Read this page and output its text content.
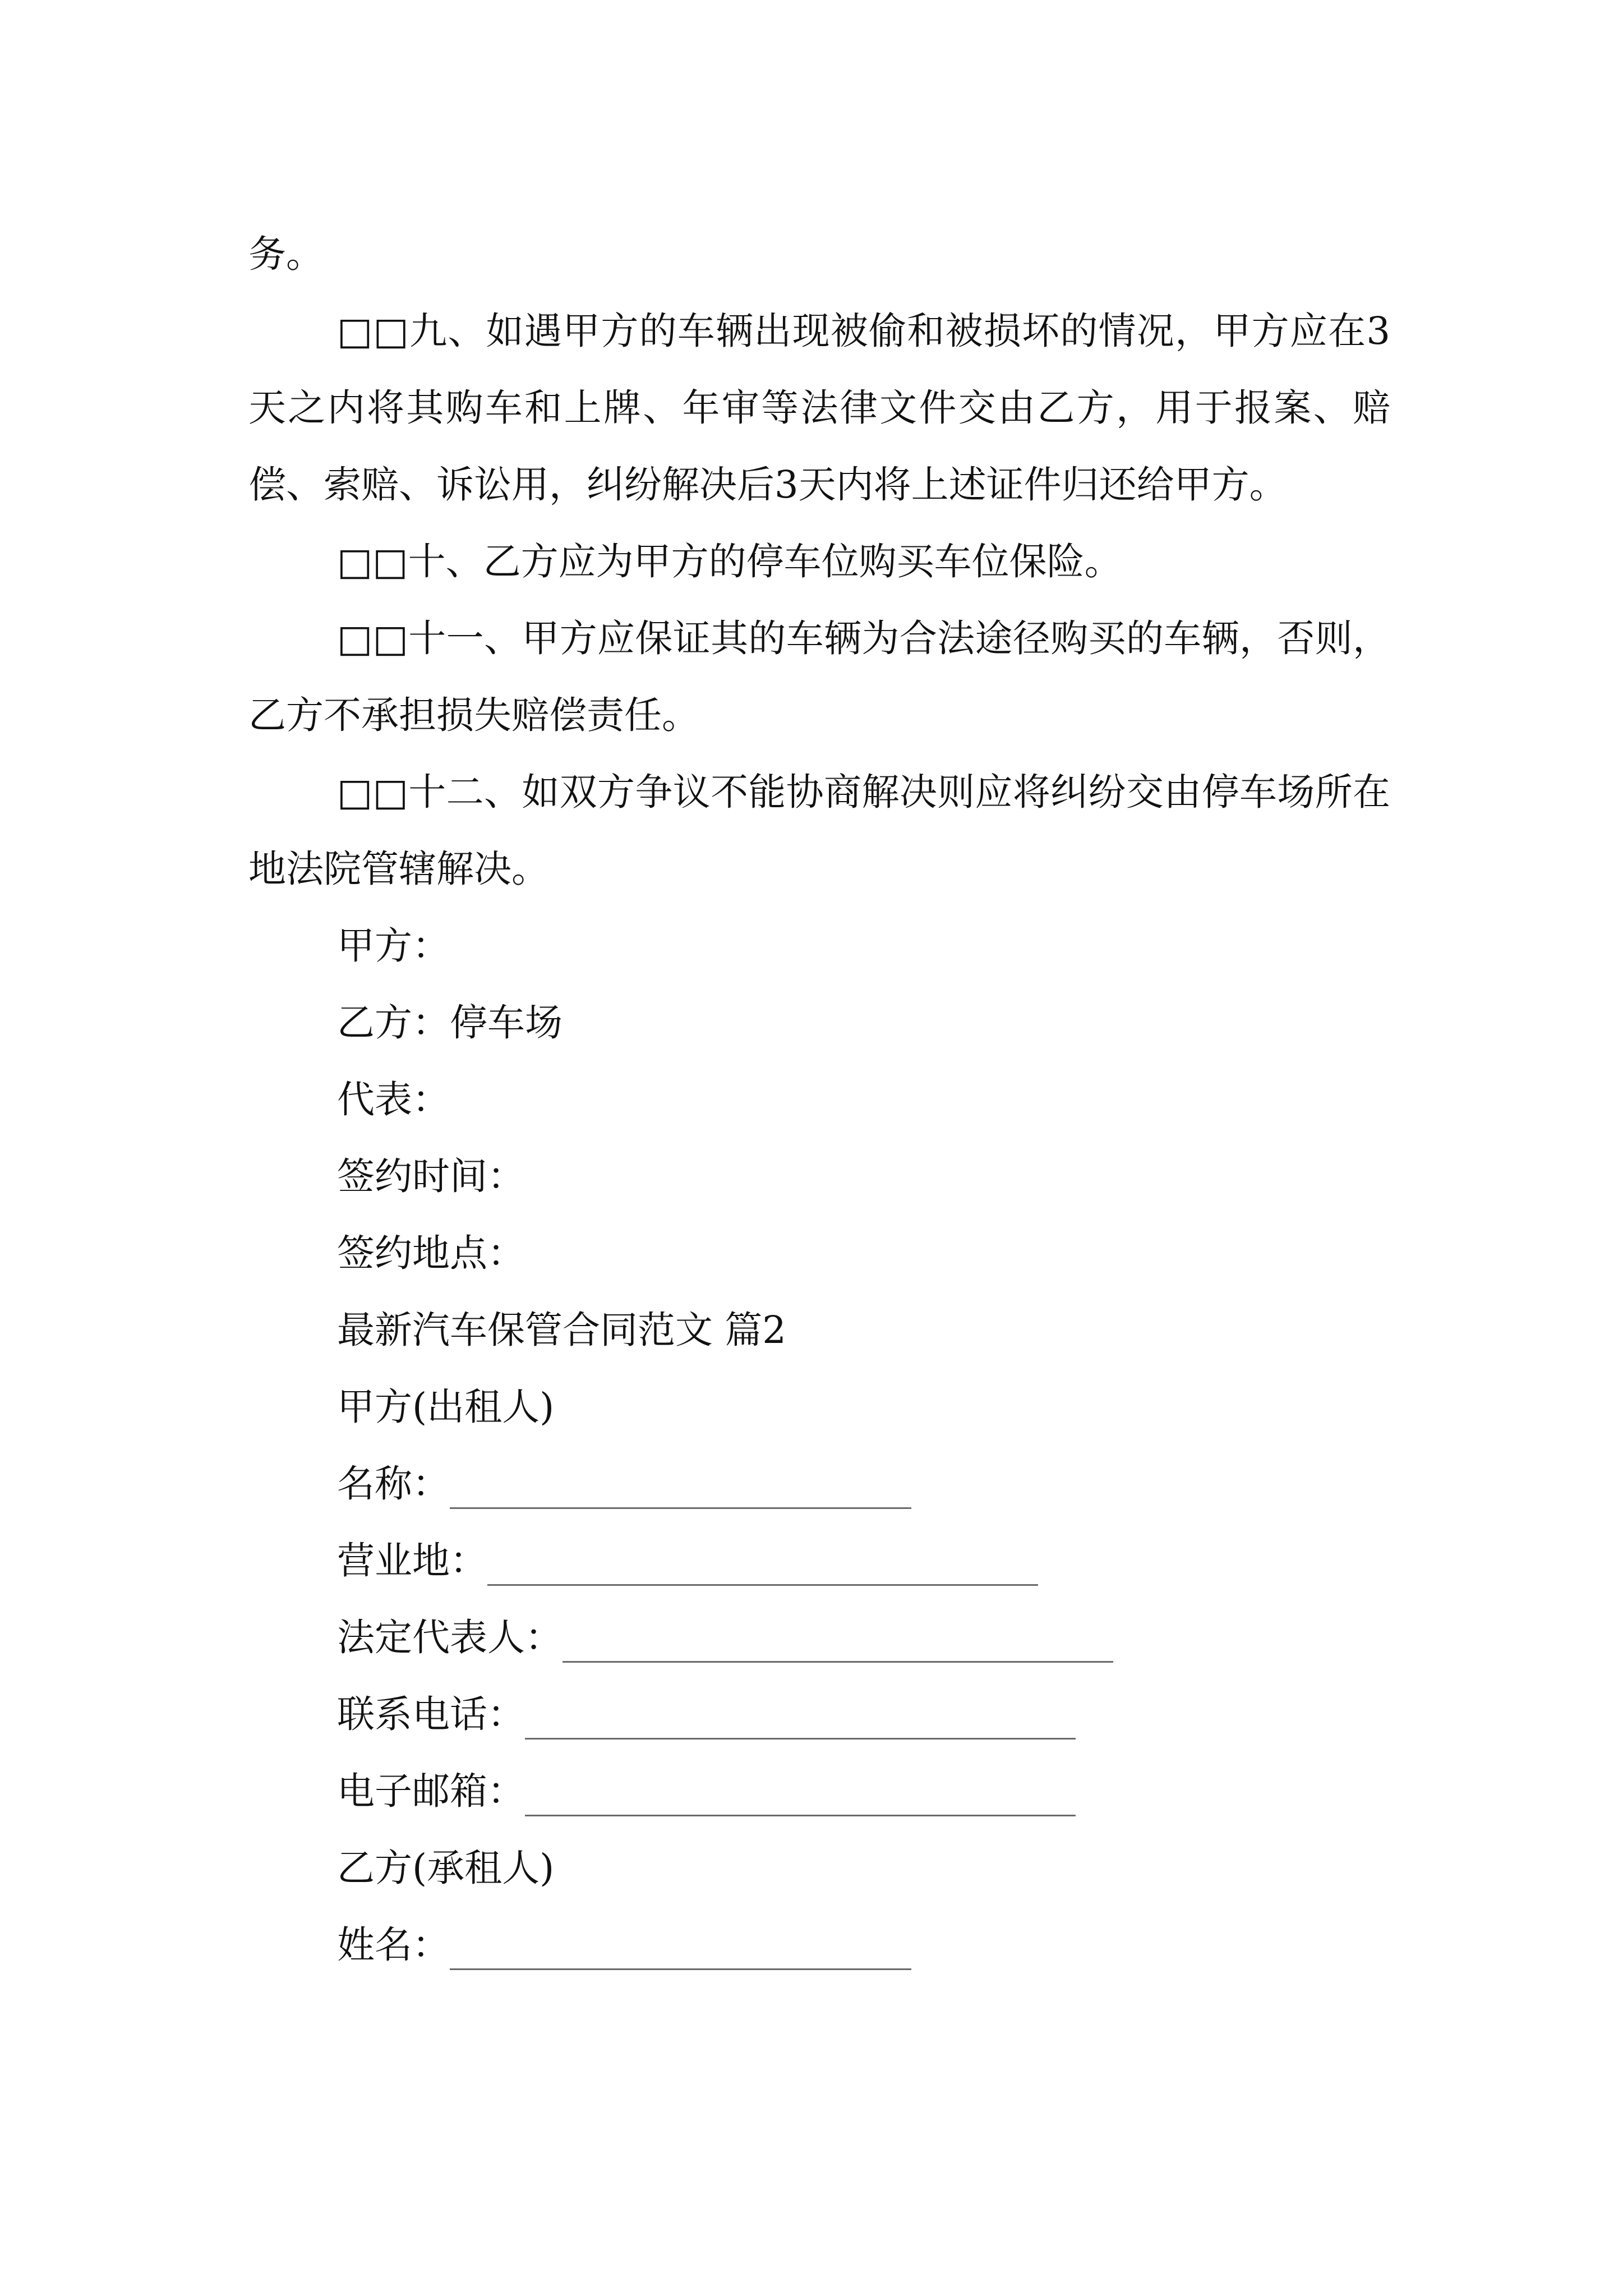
务。

□□九、如遇甲方的车辆出现被偷和被损坏的情况，甲方应在3天之内将其购车和上牌、年审等法律文件交由乙方，用于报案、赔偿、索赔、诉讼用，纠纷解决后3天内将上述证件归还给甲方。

□□十、乙方应为甲方的停车位购买车位保险。

□□十一、甲方应保证其的车辆为合法途径购买的车辆，否则，乙方不承担损失赔偿责任。

□□十二、如双方争议不能协商解决则应将纠纷交由停车场所在地法院管辖解决。

甲方：

乙方：停车场

代表：

签约时间：

签约地点：

最新汽车保管合同范文 篇2

甲方(出租人)

名称：
营业地：
法定代表人：
联系电话：
电子邮箱：

乙方(承租人)

姓名：
